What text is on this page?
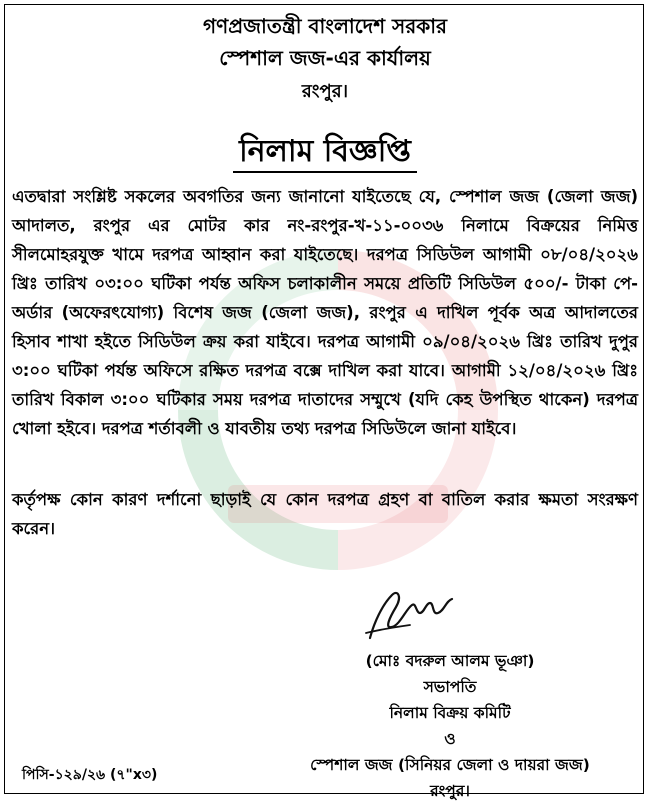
গণপ্রজাতন্ত্রী বাংলাদেশ সরকার
স্পেশাল জজ-এর কার্যালয়
রংপুর।
নিলাম বিজ্ঞপ্তি
এতদ্বারা সংশ্লিষ্ট সকলের অবগতির জন্য জানানো যাইতেছে যে, স্পেশাল জজ (জেলা জজ) আদালত, রংপুর এর মোটর কার নং-রংপুর-খ-১১-০০৩৬ নিলামে বিক্রয়ের নিমিত্ত সীলমোহরযুক্ত খামে দরপত্র আহ্বান করা যাইতেছে। দরপত্র সিডিউল আগামী ০৮/০৪/২০২৬ খ্রিঃ তারিখ ০৩:০০ ঘটিকা পর্যন্ত অফিস চলাকালীন সময়ে প্রতিটি সিডিউল ৫০০/- টাকা পে-অর্ডার (অফেরৎযোগ্য) বিশেষ জজ (জেলা জজ), রংপুর এ দাখিল পূর্বক অত্র আদালতের হিসাব শাখা হইতে সিডিউল ক্রয় করা যাইবে। দরপত্র আগামী ০৯/০৪/২০২৬ খ্রিঃ তারিখ দুপুর ৩:০০ ঘটিকা পর্যন্ত অফিসে রক্ষিত দরপত্র বক্সে দাখিল করা যাবে। আগামী ১২/০৪/২০২৬ খ্রিঃ তারিখ বিকাল ৩:০০ ঘটিকার সময় দরপত্র দাতাদের সম্মুখে (যদি কেহ উপস্থিত থাকেন) দরপত্র খোলা হইবে। দরপত্র শর্তাবলী ও যাবতীয় তথ্য দরপত্র সিডিউলে জানা যাইবে।
কর্তৃপক্ষ কোন কারণ দর্শানো ছাড়াই যে কোন দরপত্র গ্রহণ বা বাতিল করার ক্ষমতা সংরক্ষণ করেন।
(মোঃ বদরুল আলম ভূঞা)
সভাপতি
নিলাম বিক্রয় কমিটি
ও
স্পেশাল জজ (সিনিয়র জেলা ও দায়রা জজ)
রংপুর।
পিসি-১২৯/২৬ (৭"x৩)
